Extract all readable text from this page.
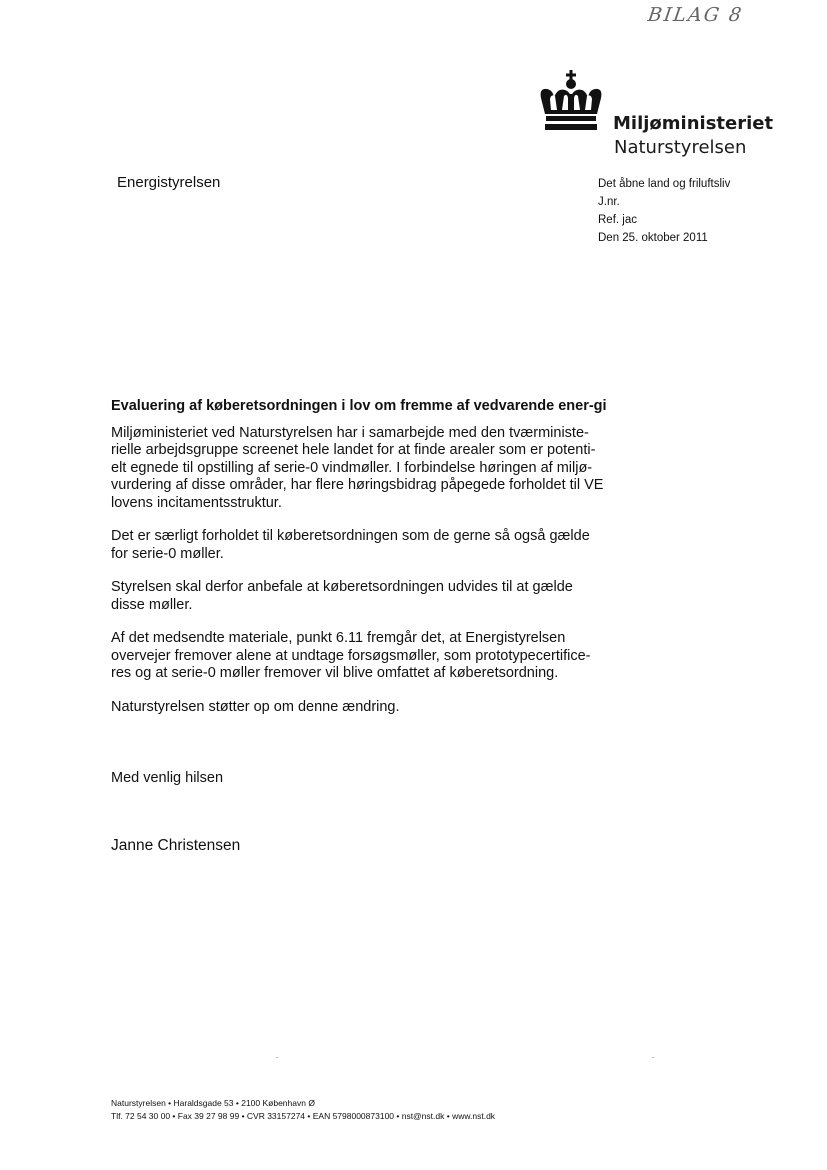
BILAG 8
Miljøministeriet
Naturstyrelsen
Energistyrelsen	Det åbne land og friluftsliv
J.nr.
Ref. jac
Den 25. oktober 2011

Evaluering af køberetsordningen i lov om fremme af vedvarende ener-gi

Miljøministeriet ved Naturstyrelsen har i samarbejde med den tværministe-rielle arbejdsgruppe screenet hele landet for at finde arealer som er potenti-elt egnede til opstilling af serie-0 vindmøller. I forbindelse høringen af miljø-vurdering af disse områder, har flere høringsbidrag påpegede forholdet til VE lovens incitamentsstruktur.

Det er særligt forholdet til køberetsordningen som de gerne så også gælde for serie-0 møller.

Styrelsen skal derfor anbefale at køberetsordningen udvides til at gælde disse møller.

Af det medsendte materiale, punkt 6.11 fremgår det, at Energistyrelsen overvejer fremover alene at undtage forsøgsmøller, som prototypecertifice-res og at serie-0 møller fremover vil blive omfattet af køberetsordning.

Naturstyrelsen støtter op om denne ændring.

Med venlig hilsen
Janne Christensen
Naturstyrelsen • Haraldsgade 53 • 2100 København Ø
Tlf. 72 54 30 00 • Fax 39 27 98 99 • CVR 33157274 • EAN 5798000873100 • nst@nst.dk • www.nst.dk
